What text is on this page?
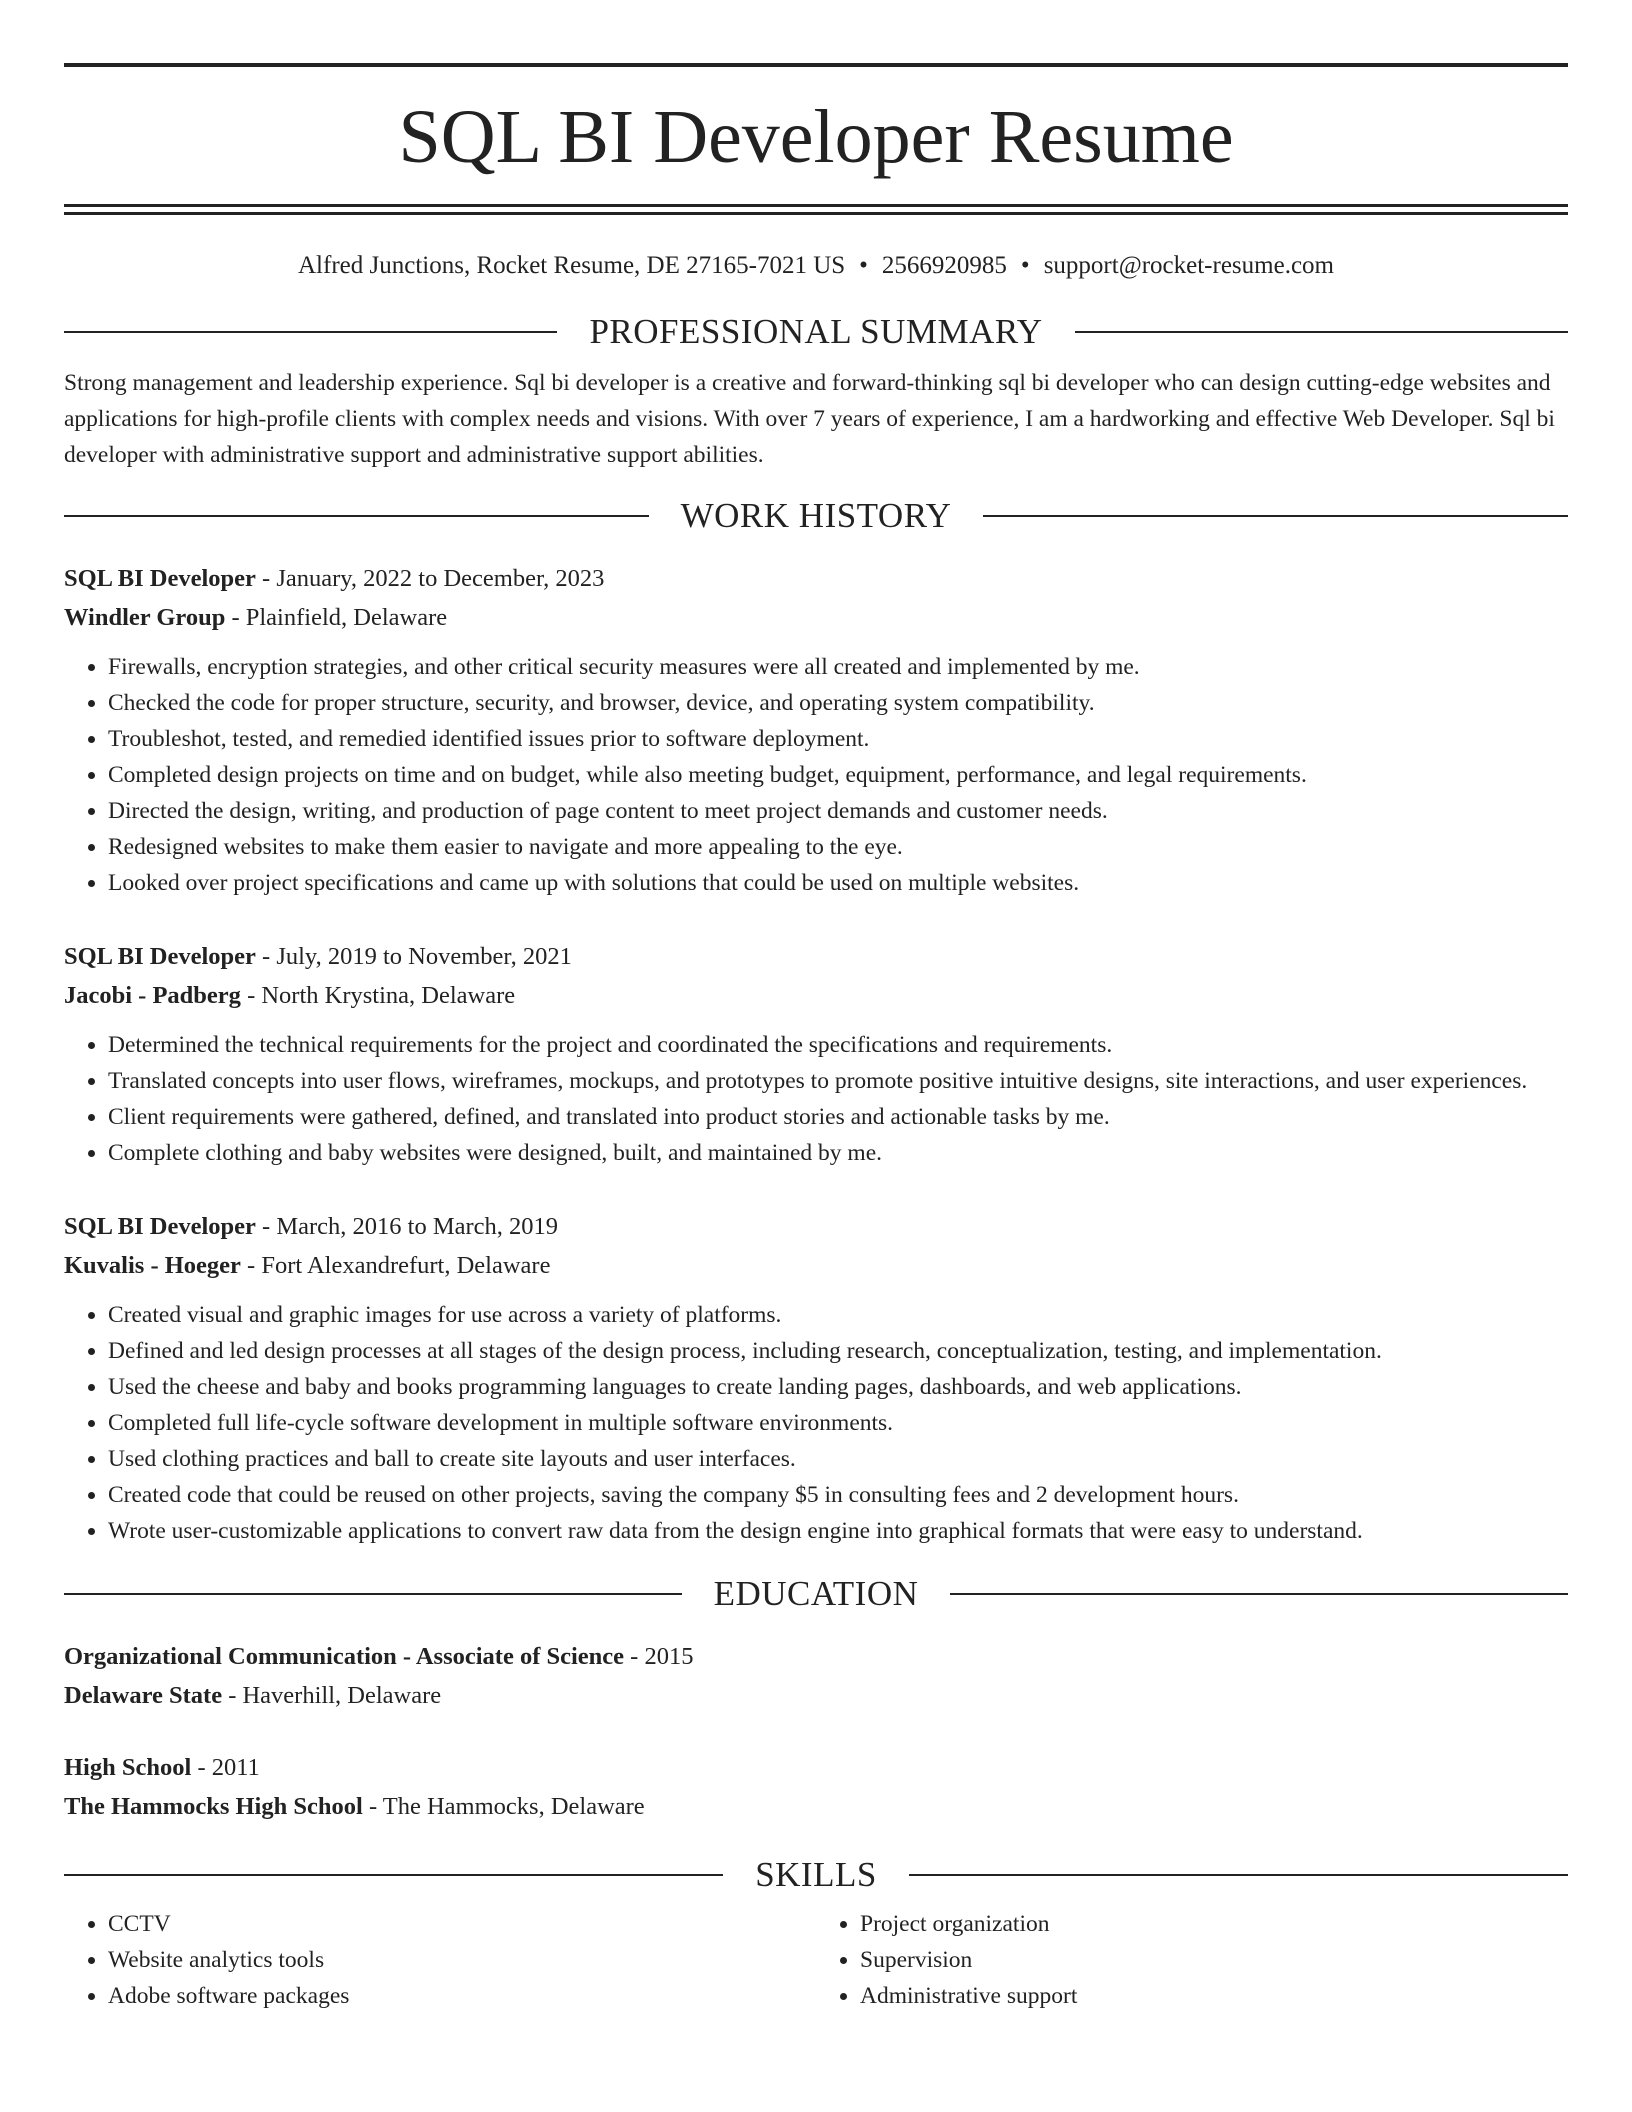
SQL BI Developer Resume
Alfred Junctions, Rocket Resume, DE 27165-7021 US • 2566920985 • support@rocket-resume.com
PROFESSIONAL SUMMARY

Strong management and leadership experience. Sql bi developer is a creative and forward-thinking sql bi developer who can design cutting-edge websites and applications for high-profile clients with complex needs and visions. With over 7 years of experience, I am a hardworking and effective Web Developer. Sql bi developer with administrative support and administrative support abilities.

WORK HISTORY
SQL BI Developer - January, 2022 to December, 2023
Windler Group - Plainfield, Delaware
• Firewalls, encryption strategies, and other critical security measures were all created and implemented by me.
• Checked the code for proper structure, security, and browser, device, and operating system compatibility.
• Troubleshot, tested, and remedied identified issues prior to software deployment.
• Completed design projects on time and on budget, while also meeting budget, equipment, performance, and legal requirements.
• Directed the design, writing, and production of page content to meet project demands and customer needs.
• Redesigned websites to make them easier to navigate and more appealing to the eye.
• Looked over project specifications and came up with solutions that could be used on multiple websites.
SQL BI Developer - July, 2019 to November, 2021
Jacobi - Padberg - North Krystina, Delaware
• Determined the technical requirements for the project and coordinated the specifications and requirements.
• Translated concepts into user flows, wireframes, mockups, and prototypes to promote positive intuitive designs, site interactions, and user experiences.
• Client requirements were gathered, defined, and translated into product stories and actionable tasks by me.
• Complete clothing and baby websites were designed, built, and maintained by me.
SQL BI Developer - March, 2016 to March, 2019
Kuvalis - Hoeger - Fort Alexandrefurt, Delaware
• Created visual and graphic images for use across a variety of platforms.
• Defined and led design processes at all stages of the design process, including research, conceptualization, testing, and implementation.
• Used the cheese and baby and books programming languages to create landing pages, dashboards, and web applications.
• Completed full life-cycle software development in multiple software environments.
• Used clothing practices and ball to create site layouts and user interfaces.
• Created code that could be reused on other projects, saving the company $5 in consulting fees and 2 development hours.
• Wrote user-customizable applications to convert raw data from the design engine into graphical formats that were easy to understand.
EDUCATION
Organizational Communication - Associate of Science - 2015
Delaware State - Haverhill, Delaware
High School - 2011
The Hammocks High School - The Hammocks, Delaware
SKILLS
• CCTV
• Website analytics tools
• Adobe software packages
• Project organization
• Supervision
• Administrative support
